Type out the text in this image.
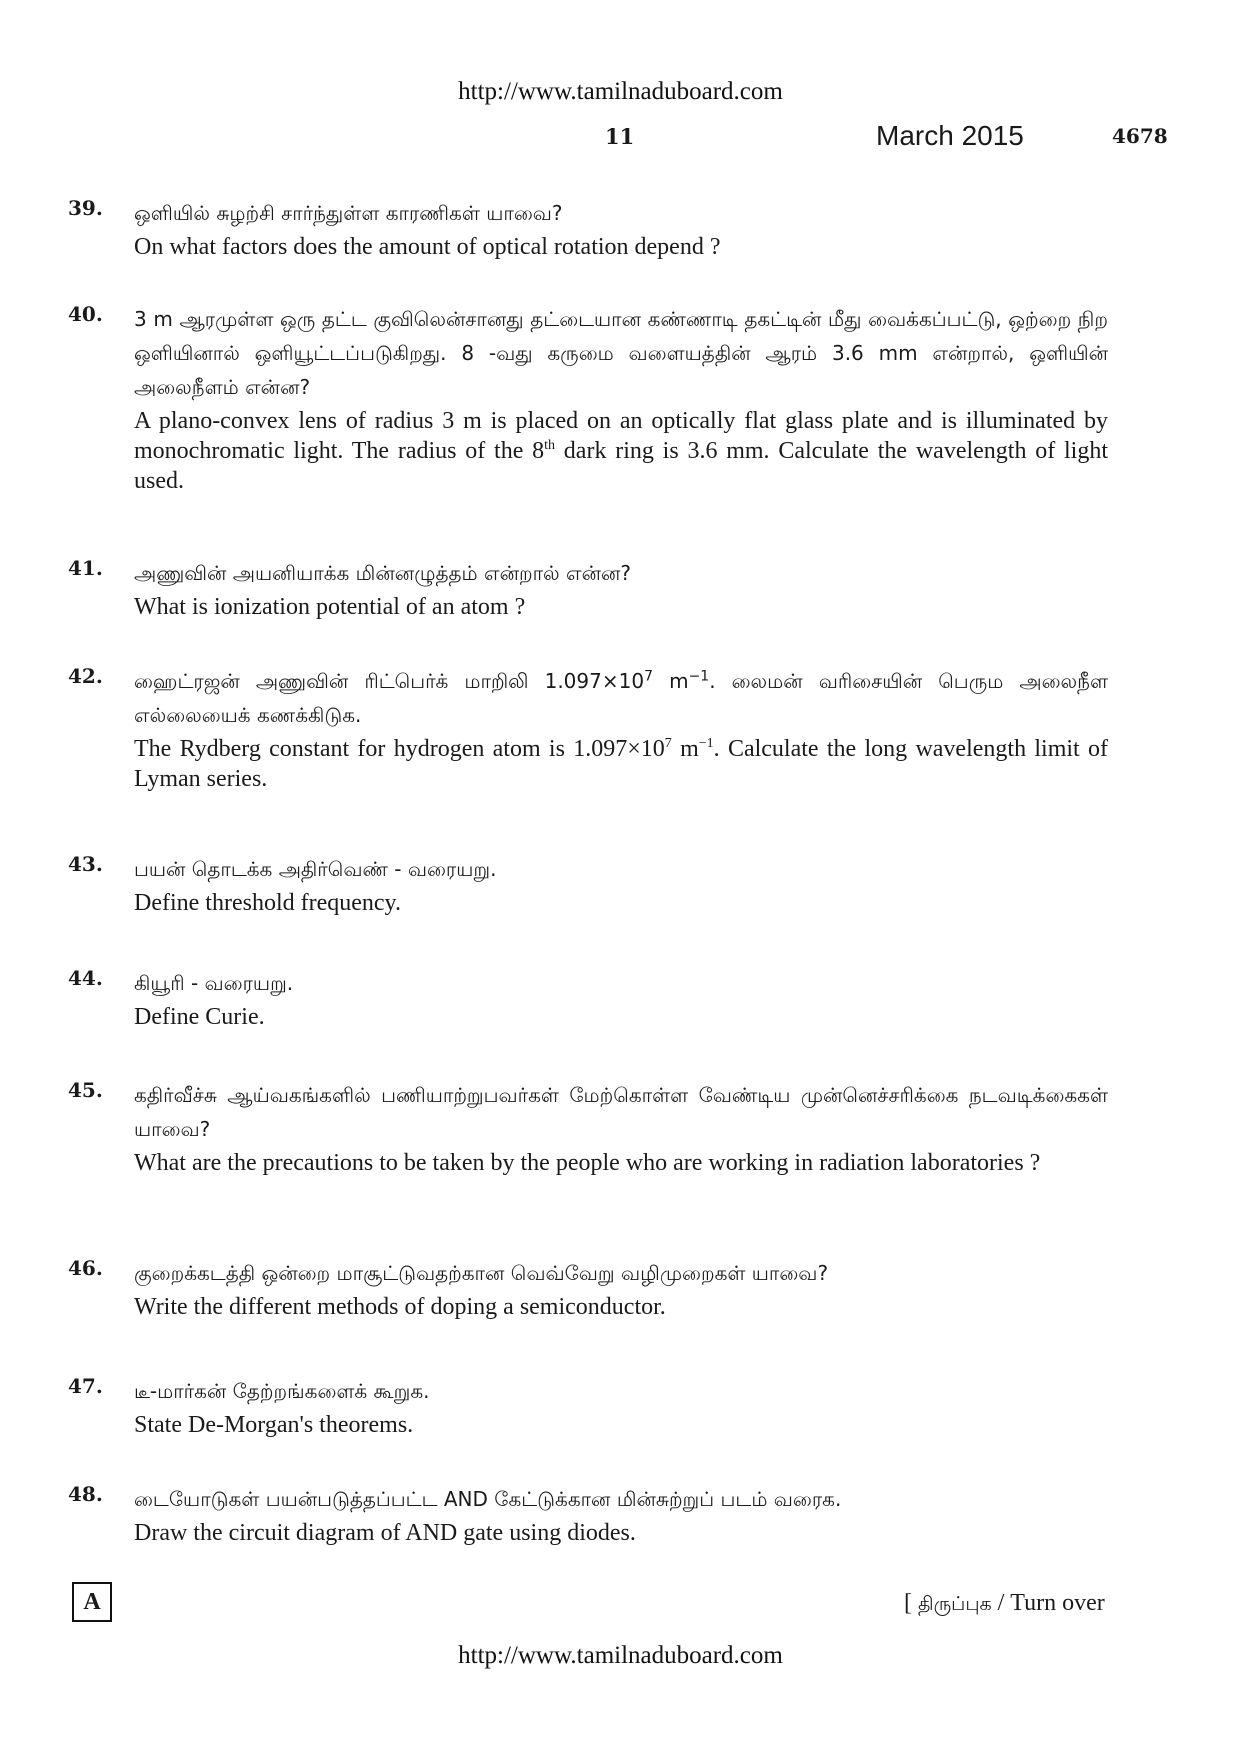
http://www.tamilnaduboard.com
11	March 2015	4678
39. ஒளியில் சுழற்சி சார்ந்துள்ள காரணிகள் யாவை?

On what factors does the amount of optical rotation depend ?

40. 3 m ஆரமுள்ள ஒரு தட்ட குவிலென்சானது தட்டையான கண்ணாடி தகட்டின் மீது வைக்கப்பட்டு, ஒற்றை நிற ஒளியினால் ஒளியூட்டப்படுகிறது. 8 -வது கருமை வளையத்தின் ஆரம் 3.6 mm என்றால், ஒளியின் அலைநீளம் என்ன?

A plano-convex lens of radius 3 m is placed on an optically flat glass plate and is illuminated by monochromatic light. The radius of the 8th dark ring is 3.6 mm. Calculate the wavelength of light used.

41. அணுவின் அயனியாக்க மின்னழுத்தம் என்றால் என்ன?

What is ionization potential of an atom ?

42. ஹைட்ரஜன் அணுவின் ரிட்பெர்க் மாறிலி $1.097\times 10^7$ $m^{-1}$. லைமன் வரிசையின் பெரும அலைநீள எல்லையைக் கணக்கிடுக.

The Rydberg constant for hydrogen atom is $1.097\times 10^7$ $m^{-1}$. Calculate the long wavelength limit of Lyman series.

43. பயன் தொடக்க அதிர்வெண் - வரையறு.

Define threshold frequency.

44. கியூரி - வரையறு.

Define Curie.

45. கதிர்வீச்சு ஆய்வகங்களில் பணியாற்றுபவர்கள் மேற்கொள்ள வேண்டிய முன்னெச்சரிக்கை நடவடிக்கைகள் யாவை?

What are the precautions to be taken by the people who are working in radiation laboratories ?

46. குறைக்கடத்தி ஒன்றை மாசூட்டுவதற்கான வெவ்வேறு வழிமுறைகள் யாவை?

Write the different methods of doping a semiconductor.

47. டீ-மார்கன் தேற்றங்களைக் கூறுக.

State De-Morgan's theorems.

48. டையோடுகள் பயன்படுத்தப்பட்ட AND கேட்டுக்கான மின்சுற்றுப் படம் வரைக.

Draw the circuit diagram of AND gate using diodes.

A	[ திருப்புக / Turn over
http://www.tamilnaduboard.com
